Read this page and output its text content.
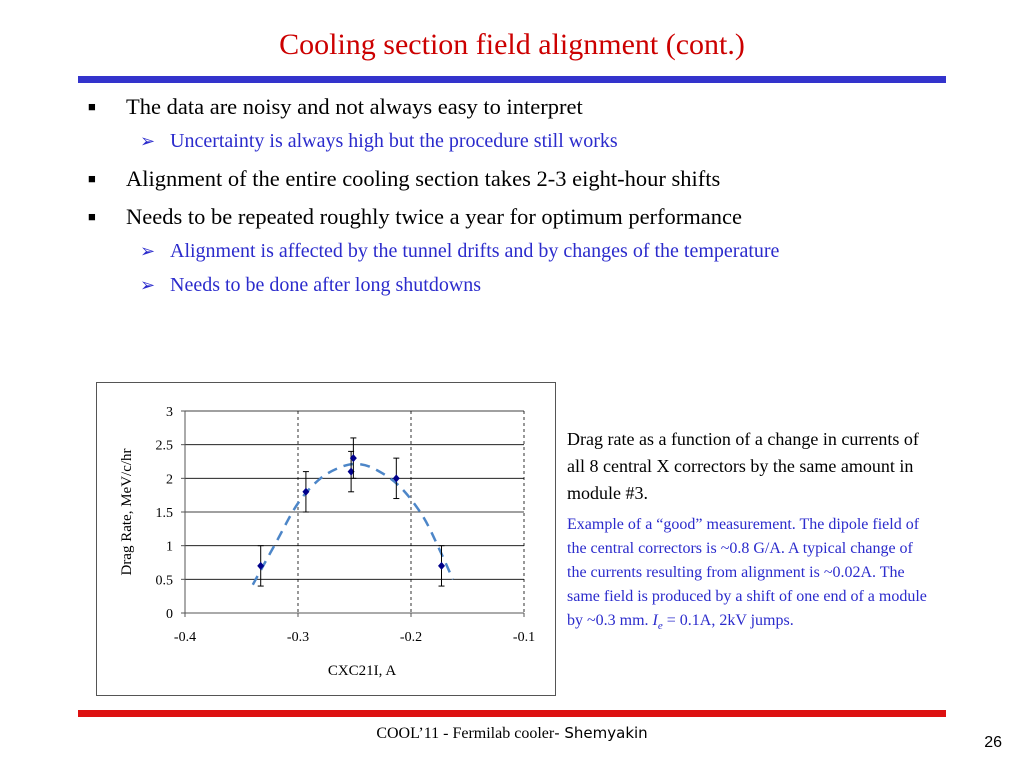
Cooling section field alignment (cont.)
■ The data are noisy and not always easy to interpret
➢ Uncertainty is always high but the procedure still works
■ Alignment of the entire cooling section takes 2-3 eight-hour shifts
■ Needs to be repeated roughly twice a year for optimum performance
➢ Alignment is affected by the tunnel drifts and by changes of the temperature
➢ Needs to be done after long shutdowns
0
0.5
1
1.5
2
2.5
3
-0.4	-0.3	-0.2	-0.1
CXC21I, A
Drag Rate, MeV/c/hr
Drag rate as a function of a change in currents of all 8 central X correctors by the same amount in module #3.
Example of a “good” measurement. The dipole field of the central correctors is ~0.8 G/A. A typical change of the currents resulting from alignment is ~0.02A. The same field is produced by a shift of one end of a module by ~0.3 mm. $I_e = 0.1A$, 2kV jumps.
COOL’11 - Fermilab cooler- Shemyakin
26
